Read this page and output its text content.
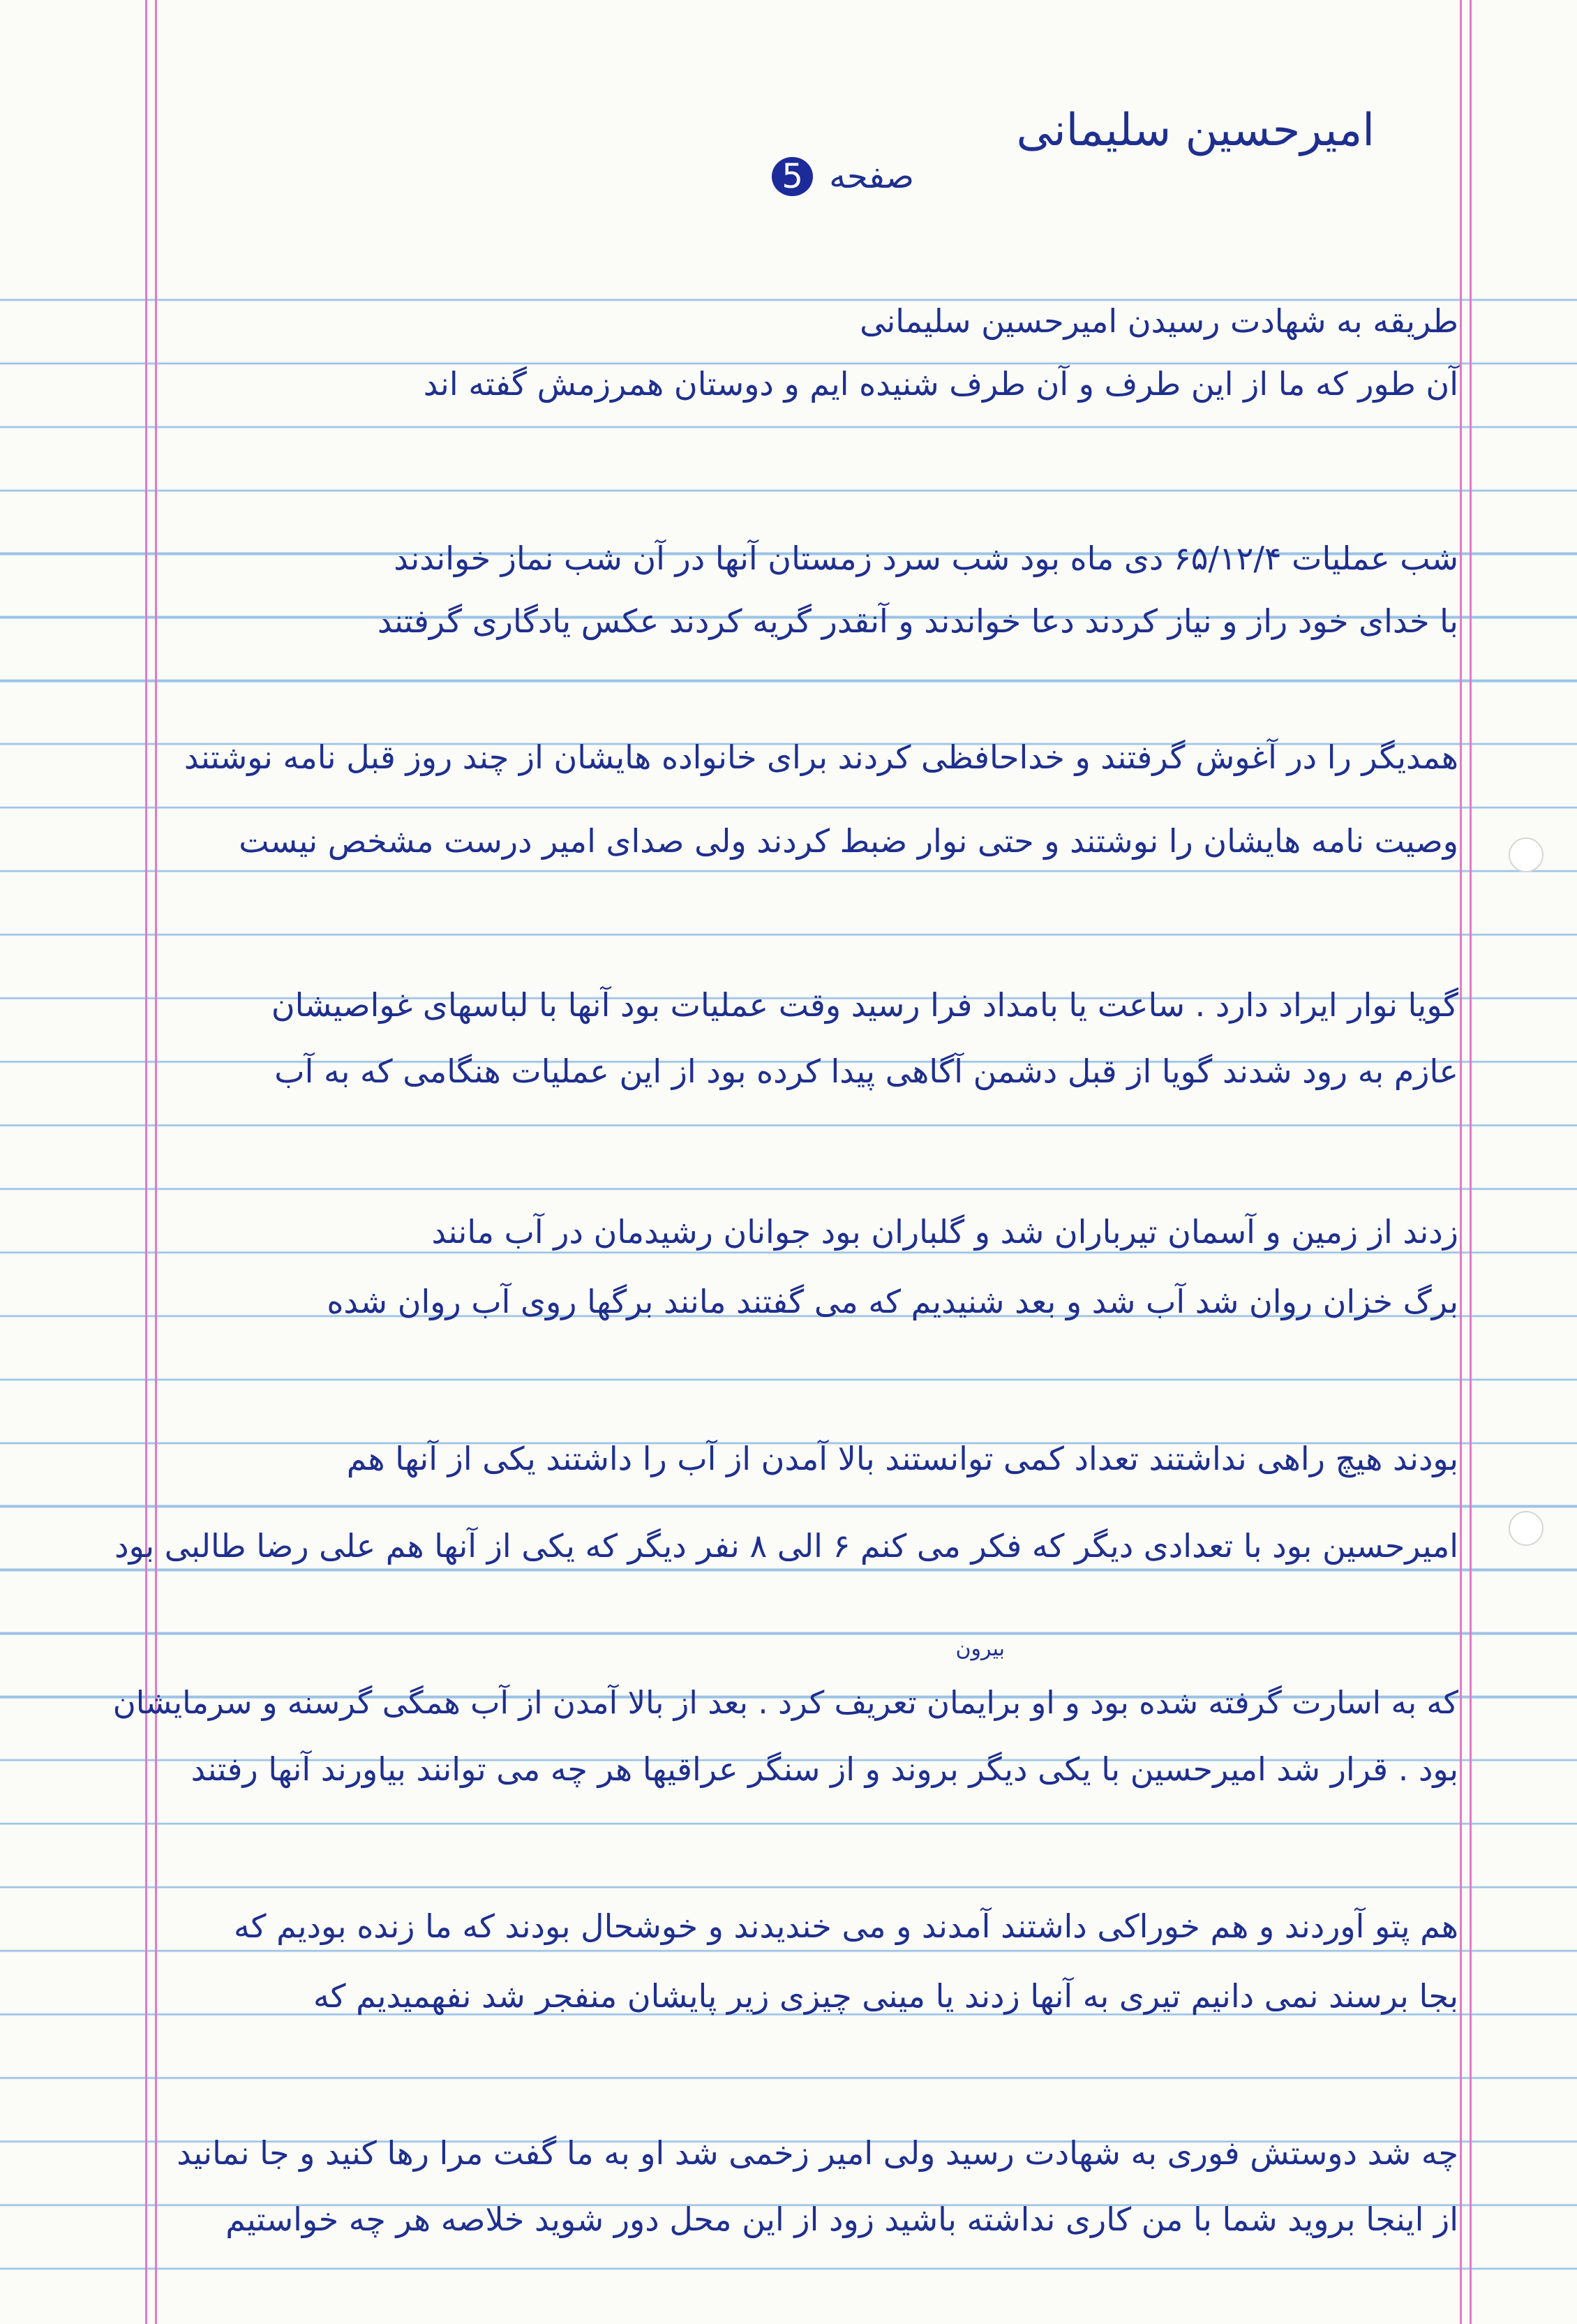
امیرحسین سلیمانی
صفحه 5
طریقه به شهادت رسیدن امیرحسین سلیمانی
آن طور که ما از این طرف و آن طرف شنیده ایم و دوستان همرزمش گفته اند
شب عملیات ۶۵/۱۲/۴ دی ماه بود شب سرد زمستان آنها در آن شب نماز خواندند
با خدای خود راز و نیاز کردند دعا خواندند و آنقدر گریه کردند عکس یادگاری گرفتند
همدیگر را در آغوش گرفتند و خداحافظی کردند برای خانواده هایشان از چند روز قبل نامه نوشتند
وصیت نامه هایشان را نوشتند و حتی نوار ضبط کردند ولی صدای امیر درست مشخص نیست
گویا نوار ایراد دارد . ساعت یا بامداد فرا رسید وقت عملیات بود آنها با لباسهای غواصیشان
عازم به رود شدند گویا از قبل دشمن آگاهی پیدا کرده بود از این عملیات هنگامی که به آب
زدند از زمین و آسمان تیرباران شد و گلباران بود جوانان رشیدمان در آب مانند
برگ خزان روان شد آب شد و بعد شنیدیم که می گفتند مانند برگها روی آب روان شده
بودند هیچ راهی نداشتند تعداد کمی توانستند بالا آمدن از آب را داشتند یکی از آنها هم
امیرحسین بود با تعدادی دیگر که فکر می کنم ۶ الی ۸ نفر دیگر که یکی از آنها هم علی رضا طالبی بود
بیرون
که به اسارت گرفته شده بود و او برایمان تعریف کرد . بعد از بالا آمدن از آب همگی گرسنه و سرمایشان
بود . قرار شد امیرحسین با یکی دیگر بروند و از سنگر عراقیها هر چه می توانند بیاورند آنها رفتند
هم پتو آوردند و هم خوراکی داشتند آمدند و می خندیدند و خوشحال بودند که ما زنده بودیم که
بجا برسند نمی دانیم تیری به آنها زدند یا مینی چیزی زیر پایشان منفجر شد نفهمیدیم که
چه شد دوستش فوری به شهادت رسید ولی امیر زخمی شد او به ما گفت مرا رها کنید و جا نمانید
از اینجا بروید شما با من کاری نداشته باشید زود از این محل دور شوید خلاصه هر چه خواستیم
